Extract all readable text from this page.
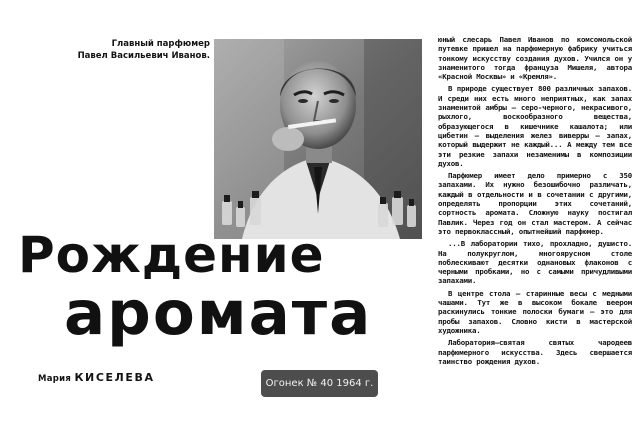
Главный парфюмер
Павел Васильевич Иванов.
Рождение
аромата
Мария КИСЕЛЕВА

юный слесарь Павел Иванов по комсомольской путевке пришел на парфюмерную фабрику учиться тонкому искусству создания духов. Учился он у знаменитого тогда француза Мишеля, автора «Красной Москвы» и «Кремля».

В природе существует 800 различных запахов. И среди них есть много неприятных, как запах знаменитой амбры — серо-черного, некрасивого, рыхлого, воскообразного вещества, образующегося в кишечнике кашалота; или цибетин — выделения желез виверры — запах, который выдержит не каждый... А между тем все эти резкие запахи незаменимы в композиции духов.

Парфюмер имеет дело примерно с 350 запахами. Их нужно безошибочно различать, каждый в отдельности и в сочетании с другими, определять пропорции этих сочетаний, сортность аромата. Сложную науку постигал Павлик. Через год он стал мастером. А сейчас это первоклассный, опытнейший парфюмер.

...В лаборатории тихо, прохладно, душисто. На полукруглом, многоярусном столе поблескивают десятки однановых флаконов с черными пробками, но с самыми причудливыми запахами.

В центре стола — старинные весы с медными чашами. Тут же в высоком бокале веером раскинулись тонкие полоски бумаги — это для пробы запахов. Словно кисти в мастерской художника.

Лаборатория—святая святых чародеев парфюмерного искусства. Здесь свершается таинство рождения духов.

Огонек № 40 1964 г.
